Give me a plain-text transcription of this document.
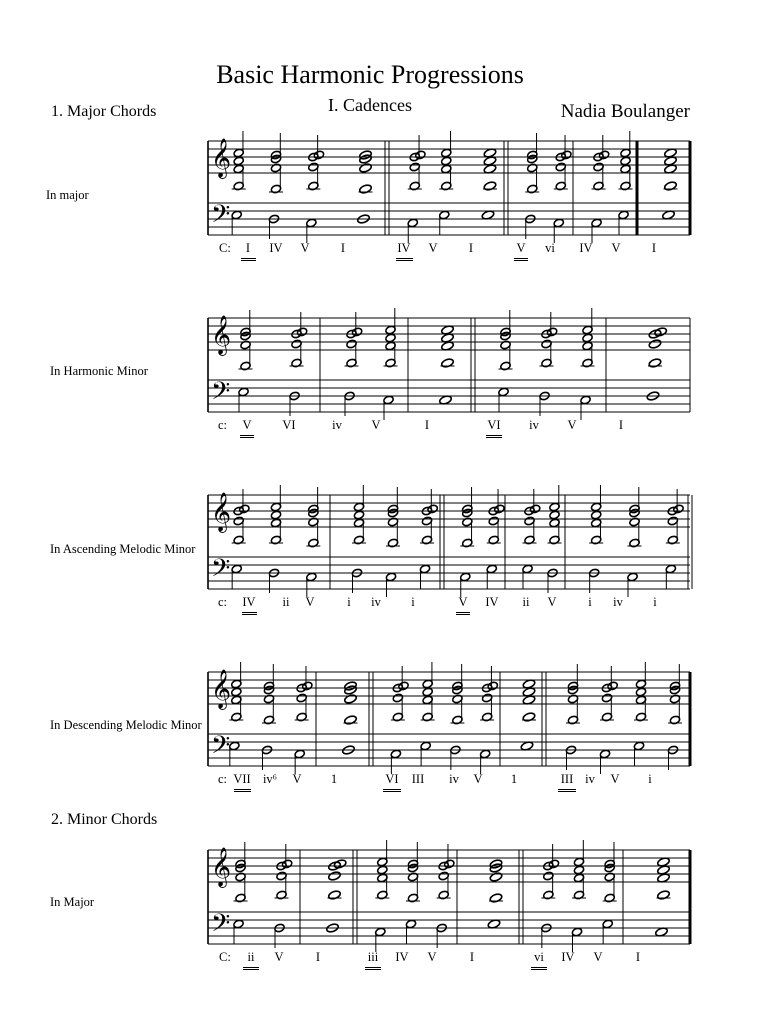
Basic Harmonic Progressions
I. Cadences	Nadia Boulanger
1. Major Chords
2. Minor Chords
In major
In Harmonic Minor
In Ascending Melodic Minor
In Descending Melodic Minor
In Major
C: I IV V	I	IV V	I	V vi IV V	I
c: V VI	iv V	I	VI iv V	I
c: IV ii V	i iv i	V IV ii V	i iv i
c: VII iv⁶ V 1	VI III iv V 1	III iv V i
C: ii V	I	iii IV V	I	vi IV V	I
𝄞
𝄢
𝄞
𝄢
𝄞
𝄢
𝄞
𝄢
𝄞
𝄢
